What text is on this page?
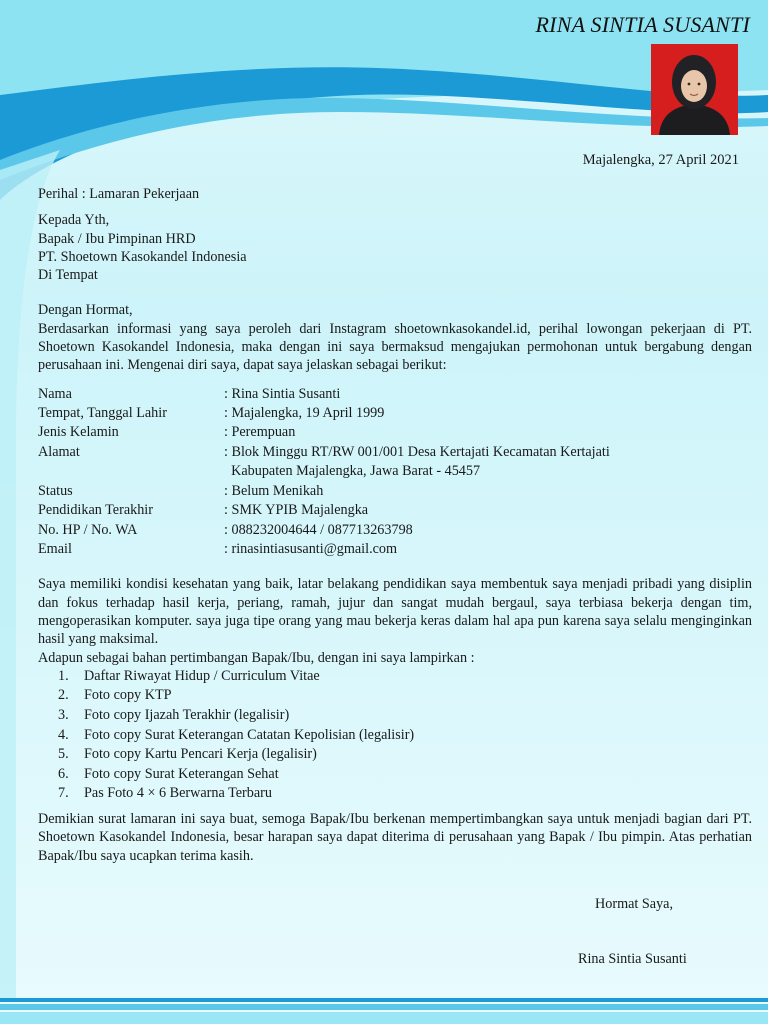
RINA SINTIA SUSANTI
Majalengka, 27 April 2021
Perihal : Lamaran Pekerjaan
Kepada Yth,
Bapak / Ibu Pimpinan HRD
PT. Shoetown Kasokandel Indonesia
Di Tempat
Dengan Hormat,

Berdasarkan informasi yang saya peroleh dari Instagram shoetownkasokandel.id, perihal lowongan pekerjaan di PT. Shoetown Kasokandel Indonesia, maka dengan ini saya bermaksud mengajukan permohonan untuk bergabung dengan perusahaan ini. Mengenai diri saya, dapat saya jelaskan sebagai berikut:

Nama	: Rina Sintia Susanti
Tempat, Tanggal Lahir	: Majalengka, 19 April 1999
Jenis Kelamin	: Perempuan
Alamat	: Blok Minggu RT/RW 001/001 Desa Kertajati Kecamatan Kertajati
	Kabupaten Majalengka, Jawa Barat - 45457
Status	: Belum Menikah
Pendidikan Terakhir	: SMK YPIB Majalengka
No. HP / No. WA	: 088232004644 / 087713263798
Email	: rinasintiasusanti@gmail.com

Saya memiliki kondisi kesehatan yang baik, latar belakang pendidikan saya membentuk saya menjadi pribadi yang disiplin dan fokus terhadap hasil kerja, periang, ramah, jujur dan sangat mudah bergaul, saya terbiasa bekerja dengan tim, mengoperasikan komputer. saya juga tipe orang yang mau bekerja keras dalam hal apa pun karena saya selalu menginginkan hasil yang maksimal.

Adapun sebagai bahan pertimbangan Bapak/Ibu, dengan ini saya lampirkan :
1.	Daftar Riwayat Hidup / Curriculum Vitae
2.	Foto copy KTP
3.	Foto copy Ijazah Terakhir (legalisir)
4.	Foto copy Surat Keterangan Catatan Kepolisian (legalisir)
5.	Foto copy Kartu Pencari Kerja (legalisir)
6.	Foto copy Surat Keterangan Sehat
7.	Pas Foto 4 × 6 Berwarna Terbaru

Demikian surat lamaran ini saya buat, semoga Bapak/Ibu berkenan mempertimbangkan saya untuk menjadi bagian dari PT. Shoetown Kasokandel Indonesia, besar harapan saya dapat diterima di perusahaan yang Bapak / Ibu pimpin. Atas perhatian Bapak/Ibu saya ucapkan terima kasih.

Hormat Saya,
Rina Sintia Susanti
